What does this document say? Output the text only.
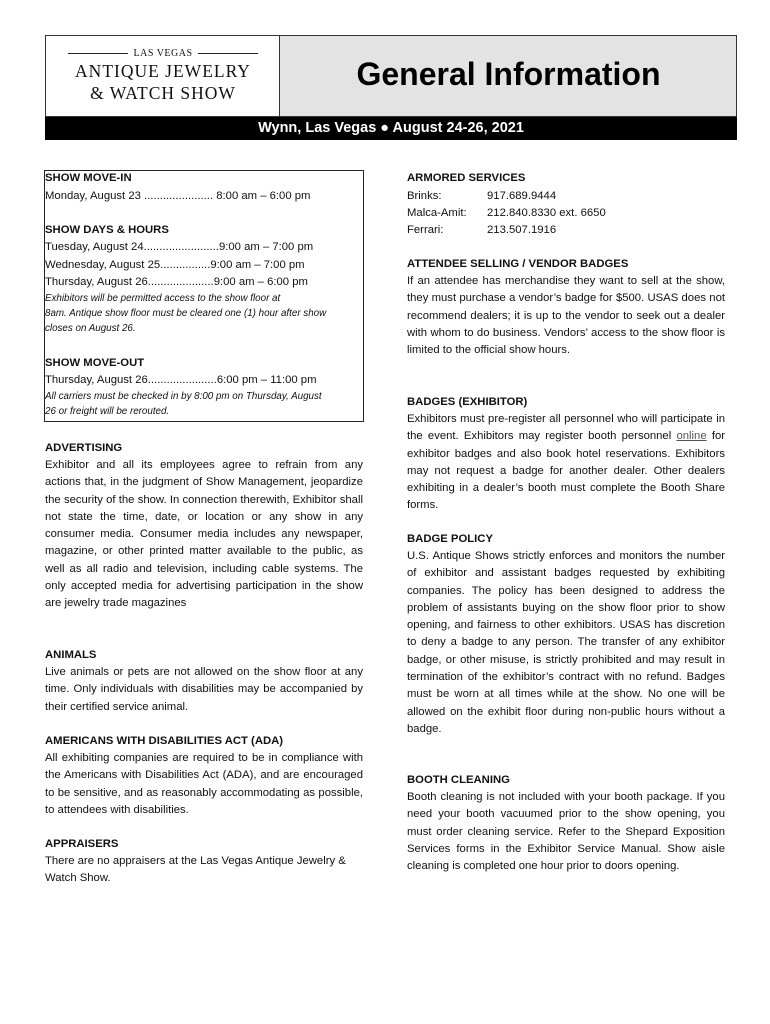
LAS VEGAS
ANTIQUE JEWELRY
& WATCH SHOW
General Information
Wynn, Las Vegas ● August 24-26, 2021
SHOW MOVE-IN
Monday, August 23 ...................... 8:00 am – 6:00 pm
SHOW DAYS & HOURS
Tuesday, August 24........................9:00 am – 7:00 pm
Wednesday, August 25................9:00 am – 7:00 pm
Thursday, August 26.....................9:00 am – 6:00 pm
Exhibitors will be permitted access to the show floor at
8am. Antique show floor must be cleared one (1) hour after show
closes on August 26.
SHOW MOVE-OUT
Thursday, August 26......................6:00 pm – 11:00 pm
All carriers must be checked in by 8:00 pm on Thursday, August
26 or freight will be rerouted.
ADVERTISING
Exhibitor and all its employees agree to refrain from any actions that, in the judgment of Show Management, jeopardize the security of the show. In connection therewith, Exhibitor shall not state the time, date, or location or any show in any consumer media. Consumer media includes any newspaper, magazine, or other printed matter available to the public, as well as all radio and television, including cable systems. The only accepted media for advertising participation in the show are jewelry trade magazines
ANIMALS
Live animals or pets are not allowed on the show floor at any time. Only individuals with disabilities may be accompanied by their certified service animal.
AMERICANS WITH DISABILITIES ACT (ADA)
All exhibiting companies are required to be in compliance with the Americans with Disabilities Act (ADA), and are encouraged to be sensitive, and as reasonably accommodating as possible, to attendees with disabilities.
APPRAISERS
There are no appraisers at the Las Vegas Antique Jewelry & Watch Show.
ARMORED SERVICES
Brinks:	917.689.9444
Malca-Amit: 212.840.8330 ext. 6650
Ferrari:	213.507.1916
ATTENDEE SELLING / VENDOR BADGES
If an attendee has merchandise they want to sell at the show, they must purchase a vendor’s badge for $500. USAS does not recommend dealers; it is up to the vendor to seek out a dealer with whom to do business. Vendors’ access to the show floor is limited to the official show hours.
BADGES (EXHIBITOR)
Exhibitors must pre-register all personnel who will participate in the event. Exhibitors may register booth personnel online for exhibitor badges and also book hotel reservations. Exhibitors may not request a badge for another dealer. Other dealers exhibiting in a dealer’s booth must complete the Booth Share forms.
BADGE POLICY
U.S. Antique Shows strictly enforces and monitors the number of exhibitor and assistant badges requested by exhibiting companies. The policy has been designed to address the problem of assistants buying on the show floor prior to show opening, and fairness to other exhibitors. USAS has discretion to deny a badge to any person. The transfer of any exhibitor badge, or other misuse, is strictly prohibited and may result in termination of the exhibitor’s contract with no refund. Badges must be worn at all times while at the show. No one will be allowed on the exhibit floor during non-public hours without a badge.
BOOTH CLEANING
Booth cleaning is not included with your booth package. If you need your booth vacuumed prior to the show opening, you must order cleaning service. Refer to the Shepard Exposition Services forms in the Exhibitor Service Manual. Show aisle cleaning is completed one hour prior to doors opening.
